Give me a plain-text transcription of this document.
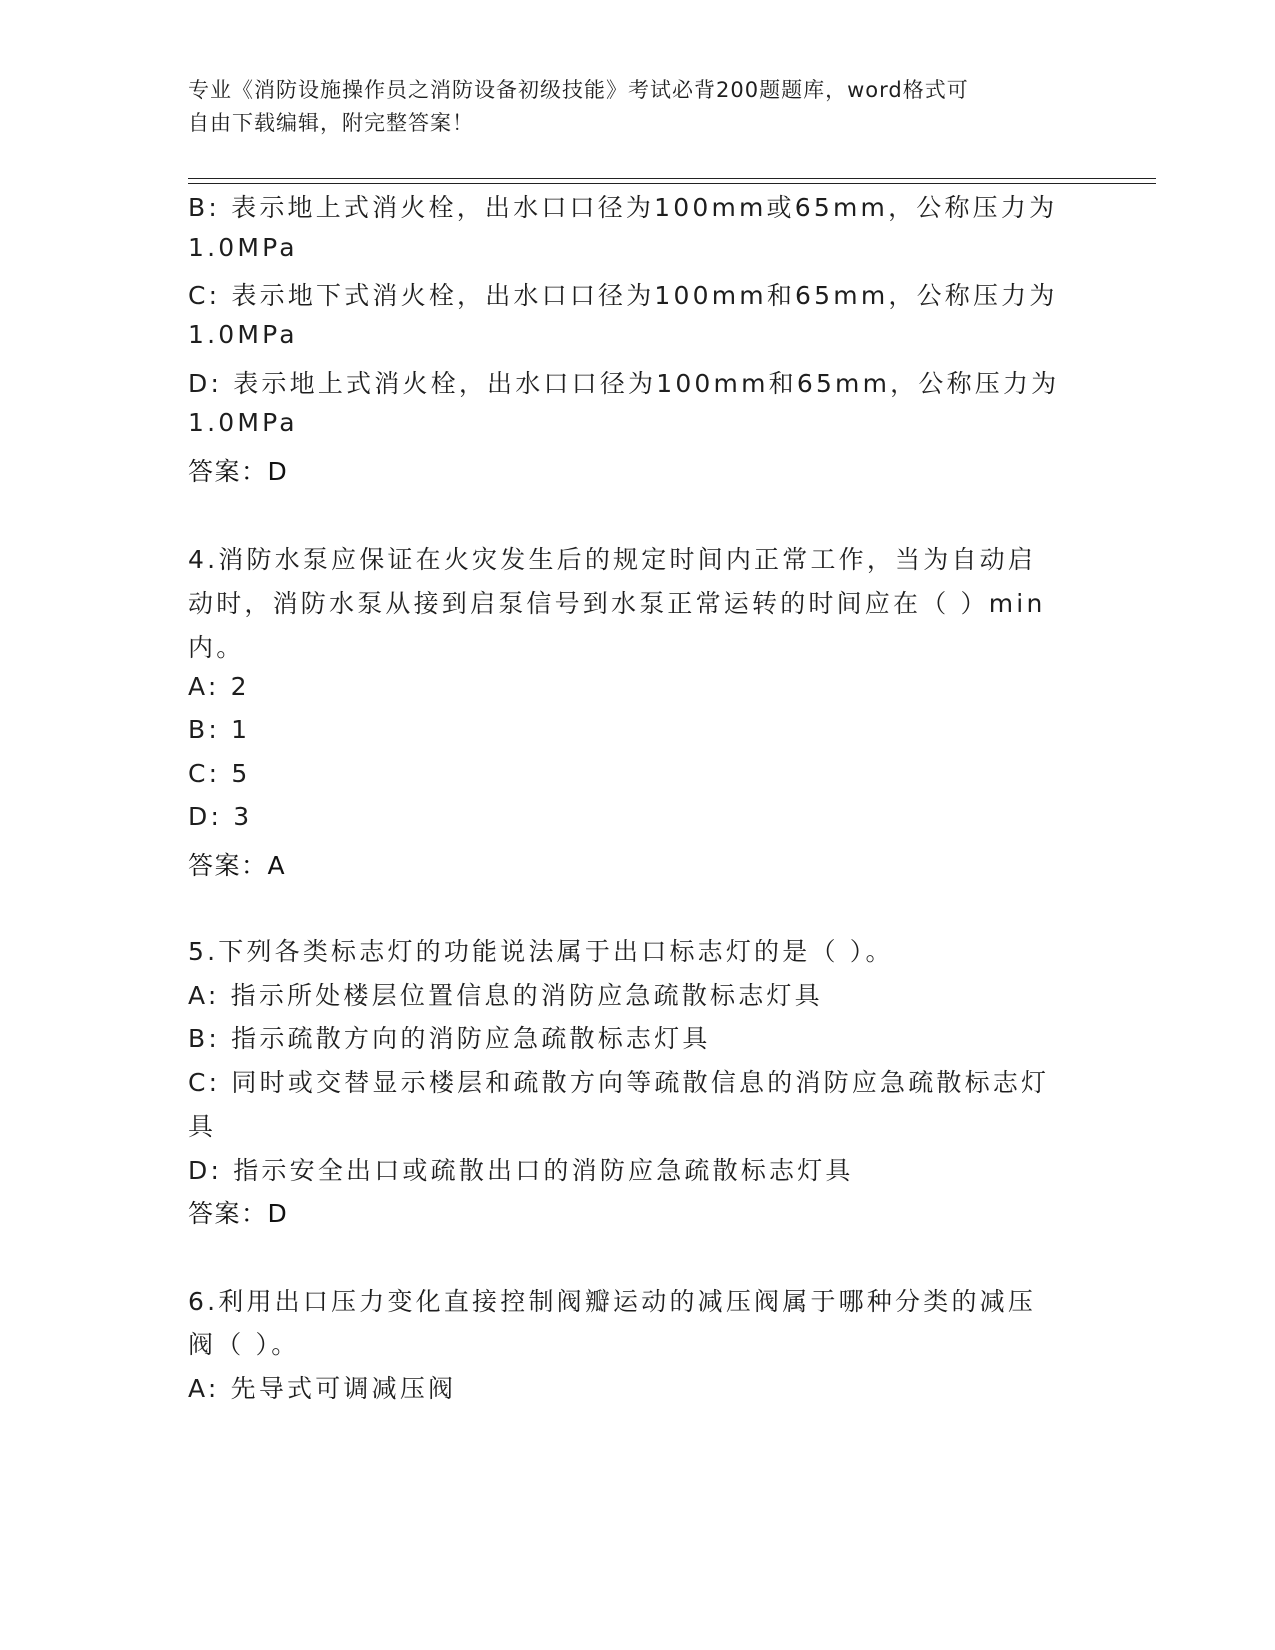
专业《消防设施操作员之消防设备初级技能》考试必背200题题库，word格式可
自由下载编辑，附完整答案！
B: 表示地上式消火栓，出水口口径为100mm或65mm，公称压力为
1.0MPa
C: 表示地下式消火栓，出水口口径为100mm和65mm，公称压力为
1.0MPa
D: 表示地上式消火栓，出水口口径为100mm和65mm，公称压力为
1.0MPa
答案：D
4.消防水泵应保证在火灾发生后的规定时间内正常工作，当为自动启
动时，消防水泵从接到启泵信号到水泵正常运转的时间应在（ ）min
内。
A: 2
B: 1
C: 5
D: 3
答案：A
5.下列各类标志灯的功能说法属于出口标志灯的是（ ）。
A: 指示所处楼层位置信息的消防应急疏散标志灯具
B: 指示疏散方向的消防应急疏散标志灯具
C: 同时或交替显示楼层和疏散方向等疏散信息的消防应急疏散标志灯
具
D: 指示安全出口或疏散出口的消防应急疏散标志灯具
答案：D
6.利用出口压力变化直接控制阀瓣运动的减压阀属于哪种分类的减压
阀（ ）。
A: 先导式可调减压阀
